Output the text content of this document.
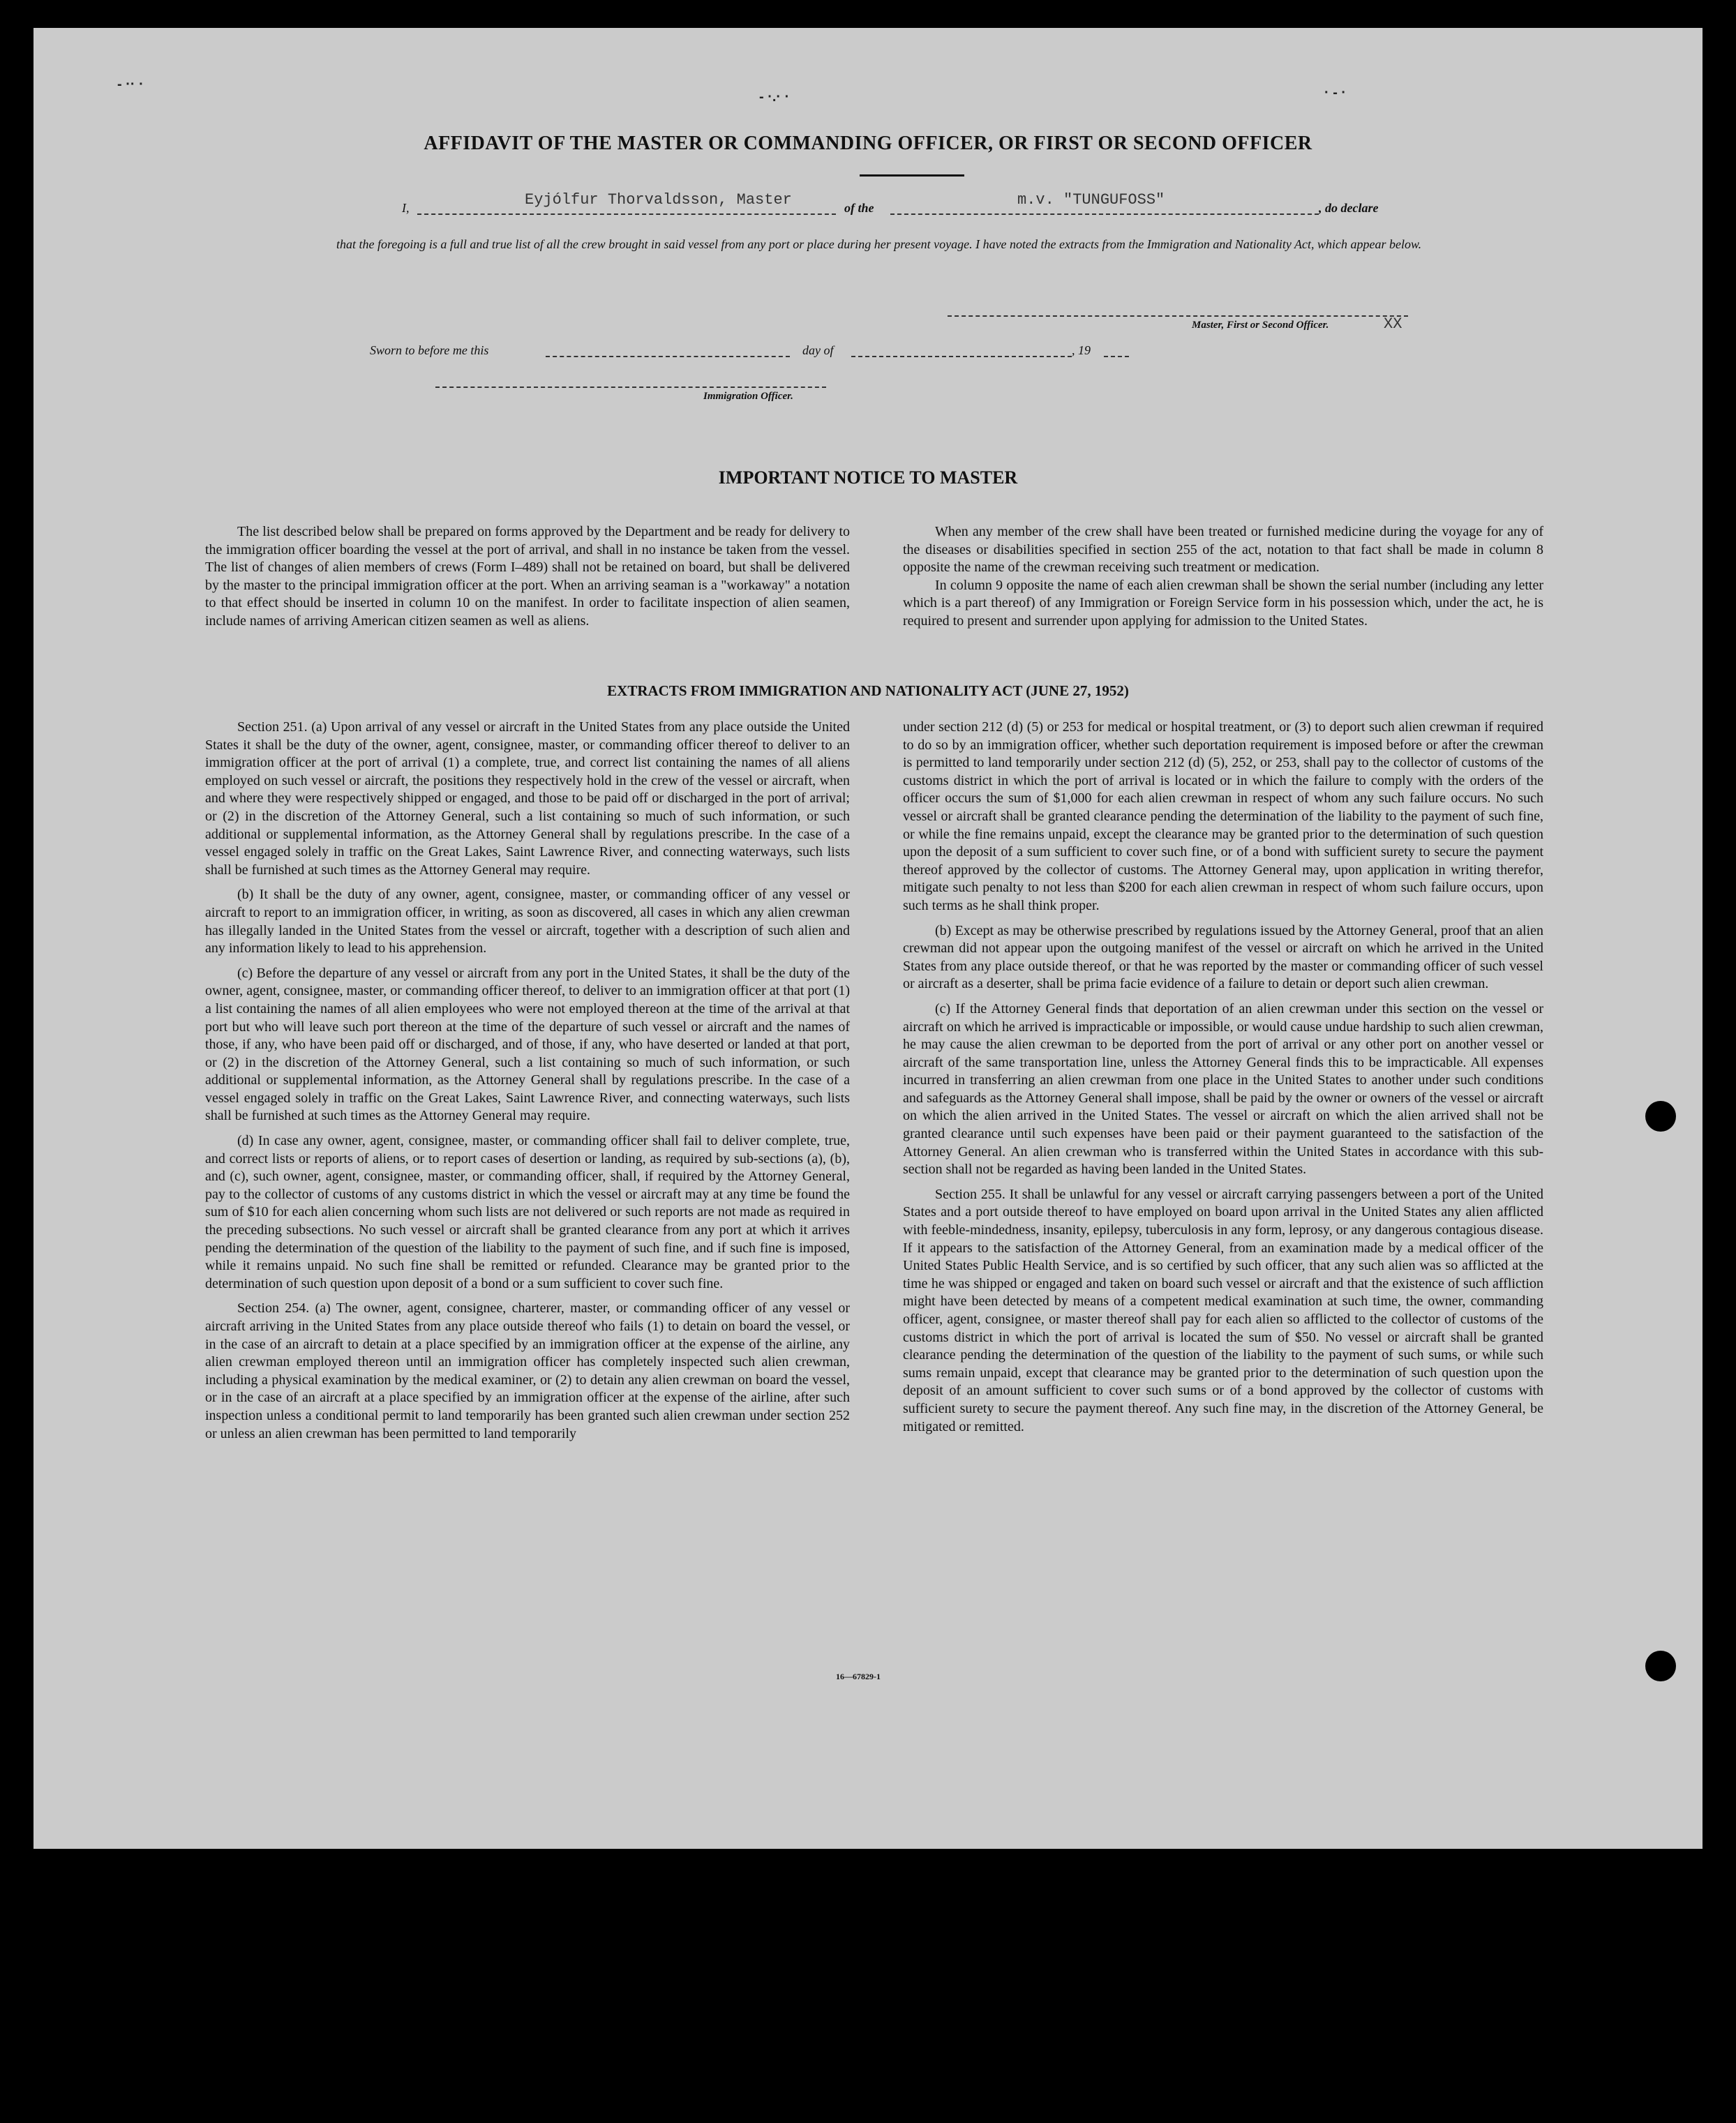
- ·· ·
- ·.· ·	· - ·
AFFIDAVIT OF THE MASTER OR COMMANDING OFFICER, OR FIRST OR SECOND OFFICER
I,	Eyjólfur Thorvaldsson, Master	of the	m.v. "TUNGUFOSS"	, do declare
that the foregoing is a full and true list of all the crew brought in said vessel from any port or place during her present voyage. I have noted the extracts from the Immigration and Nationality Act, which appear below.
Master, First or Second Officer.	XX
Sworn to before me this	day of	, 19
Immigration Officer.
IMPORTANT NOTICE TO MASTER

The list described below shall be prepared on forms approved by the Department and be ready for delivery to the immigration officer boarding the vessel at the port of arrival, and shall in no instance be taken from the vessel. The list of changes of alien members of crews (Form I–489) shall not be retained on board, but shall be delivered by the master to the principal immigration officer at the port. When an arriving seaman is a "workaway" a notation to that effect should be inserted in column 10 on the manifest. In order to facilitate inspection of alien seamen, include names of arriving American citizen seamen as well as aliens.

When any member of the crew shall have been treated or furnished medicine during the voyage for any of the diseases or disabilities specified in section 255 of the act, notation to that fact shall be made in column 8 opposite the name of the crewman receiving such treatment or medication.

In column 9 opposite the name of each alien crewman shall be shown the serial number (including any letter which is a part thereof) of any Immigration or Foreign Service form in his possession which, under the act, he is required to present and surrender upon applying for admission to the United States.

EXTRACTS FROM IMMIGRATION AND NATIONALITY ACT (JUNE 27, 1952)

Section 251. (a) Upon arrival of any vessel or aircraft in the United States from any place outside the United States it shall be the duty of the owner, agent, consignee, master, or commanding officer thereof to deliver to an immigration officer at the port of arrival (1) a complete, true, and correct list containing the names of all aliens employed on such vessel or aircraft, the positions they respectively hold in the crew of the vessel or aircraft, when and where they were respectively shipped or engaged, and those to be paid off or discharged in the port of arrival; or (2) in the discretion of the Attorney General, such a list containing so much of such information, or such additional or supplemental information, as the Attorney General shall by regulations prescribe. In the case of a vessel engaged solely in traffic on the Great Lakes, Saint Lawrence River, and connecting waterways, such lists shall be furnished at such times as the Attorney General may require.

(b) It shall be the duty of any owner, agent, consignee, master, or commanding officer of any vessel or aircraft to report to an immigration officer, in writing, as soon as discovered, all cases in which any alien crewman has illegally landed in the United States from the vessel or aircraft, together with a description of such alien and any information likely to lead to his apprehension.

(c) Before the departure of any vessel or aircraft from any port in the United States, it shall be the duty of the owner, agent, consignee, master, or commanding officer thereof, to deliver to an immigration officer at that port (1) a list containing the names of all alien employees who were not employed thereon at the time of the arrival at that port but who will leave such port thereon at the time of the departure of such vessel or aircraft and the names of those, if any, who have been paid off or discharged, and of those, if any, who have deserted or landed at that port, or (2) in the discretion of the Attorney General, such a list containing so much of such information, or such additional or supplemental information, as the Attorney General shall by regulations prescribe. In the case of a vessel engaged solely in traffic on the Great Lakes, Saint Lawrence River, and connecting waterways, such lists shall be furnished at such times as the Attorney General may require.

(d) In case any owner, agent, consignee, master, or commanding officer shall fail to deliver complete, true, and correct lists or reports of aliens, or to report cases of desertion or landing, as required by sub-sections (a), (b), and (c), such owner, agent, consignee, master, or commanding officer, shall, if required by the Attorney General, pay to the collector of customs of any customs district in which the vessel or aircraft may at any time be found the sum of $10 for each alien concerning whom such lists are not delivered or such reports are not made as required in the preceding subsections. No such vessel or aircraft shall be granted clearance from any port at which it arrives pending the determination of the question of the liability to the payment of such fine, and if such fine is imposed, while it remains unpaid. No such fine shall be remitted or refunded. Clearance may be granted prior to the determination of such question upon deposit of a bond or a sum sufficient to cover such fine.

Section 254. (a) The owner, agent, consignee, charterer, master, or commanding officer of any vessel or aircraft arriving in the United States from any place outside thereof who fails (1) to detain on board the vessel, or in the case of an aircraft to detain at a place specified by an immigration officer at the expense of the airline, any alien crewman employed thereon until an immigration officer has completely inspected such alien crewman, including a physical examination by the medical examiner, or (2) to detain any alien crewman on board the vessel, or in the case of an aircraft at a place specified by an immigration officer at the expense of the airline, after such inspection unless a conditional permit to land temporarily has been granted such alien crewman under section 252 or unless an alien crewman has been permitted to land temporarily

under section 212 (d) (5) or 253 for medical or hospital treatment, or (3) to deport such alien crewman if required to do so by an immigration officer, whether such deportation requirement is imposed before or after the crewman is permitted to land temporarily under section 212 (d) (5), 252, or 253, shall pay to the collector of customs of the customs district in which the port of arrival is located or in which the failure to comply with the orders of the officer occurs the sum of $1,000 for each alien crewman in respect of whom any such failure occurs. No such vessel or aircraft shall be granted clearance pending the determination of the liability to the payment of such fine, or while the fine remains unpaid, except the clearance may be granted prior to the determination of such question upon the deposit of a sum sufficient to cover such fine, or of a bond with sufficient surety to secure the payment thereof approved by the collector of customs. The Attorney General may, upon application in writing therefor, mitigate such penalty to not less than $200 for each alien crewman in respect of whom such failure occurs, upon such terms as he shall think proper.

(b) Except as may be otherwise prescribed by regulations issued by the Attorney General, proof that an alien crewman did not appear upon the outgoing manifest of the vessel or aircraft on which he arrived in the United States from any place outside thereof, or that he was reported by the master or commanding officer of such vessel or aircraft as a deserter, shall be prima facie evidence of a failure to detain or deport such alien crewman.

(c) If the Attorney General finds that deportation of an alien crewman under this section on the vessel or aircraft on which he arrived is impracticable or impossible, or would cause undue hardship to such alien crewman, he may cause the alien crewman to be deported from the port of arrival or any other port on another vessel or aircraft of the same transportation line, unless the Attorney General finds this to be impracticable. All expenses incurred in transferring an alien crewman from one place in the United States to another under such conditions and safeguards as the Attorney General shall impose, shall be paid by the owner or owners of the vessel or aircraft on which the alien arrived in the United States. The vessel or aircraft on which the alien arrived shall not be granted clearance until such expenses have been paid or their payment guaranteed to the satisfaction of the Attorney General. An alien crewman who is transferred within the United States in accordance with this sub-section shall not be regarded as having been landed in the United States.

Section 255. It shall be unlawful for any vessel or aircraft carrying passengers between a port of the United States and a port outside thereof to have employed on board upon arrival in the United States any alien afflicted with feeble-mindedness, insanity, epilepsy, tuberculosis in any form, leprosy, or any dangerous contagious disease. If it appears to the satisfaction of the Attorney General, from an examination made by a medical officer of the United States Public Health Service, and is so certified by such officer, that any such alien was so afflicted at the time he was shipped or engaged and taken on board such vessel or aircraft and that the existence of such affliction might have been detected by means of a competent medical examination at such time, the owner, commanding officer, agent, consignee, or master thereof shall pay for each alien so afflicted to the collector of customs of the customs district in which the port of arrival is located the sum of $50. No vessel or aircraft shall be granted clearance pending the determination of the question of the liability to the payment of such sums, or while such sums remain unpaid, except that clearance may be granted prior to the determination of such question upon the deposit of an amount sufficient to cover such sums or of a bond approved by the collector of customs with sufficient surety to secure the payment thereof. Any such fine may, in the discretion of the Attorney General, be mitigated or remitted.

16—67829-1
